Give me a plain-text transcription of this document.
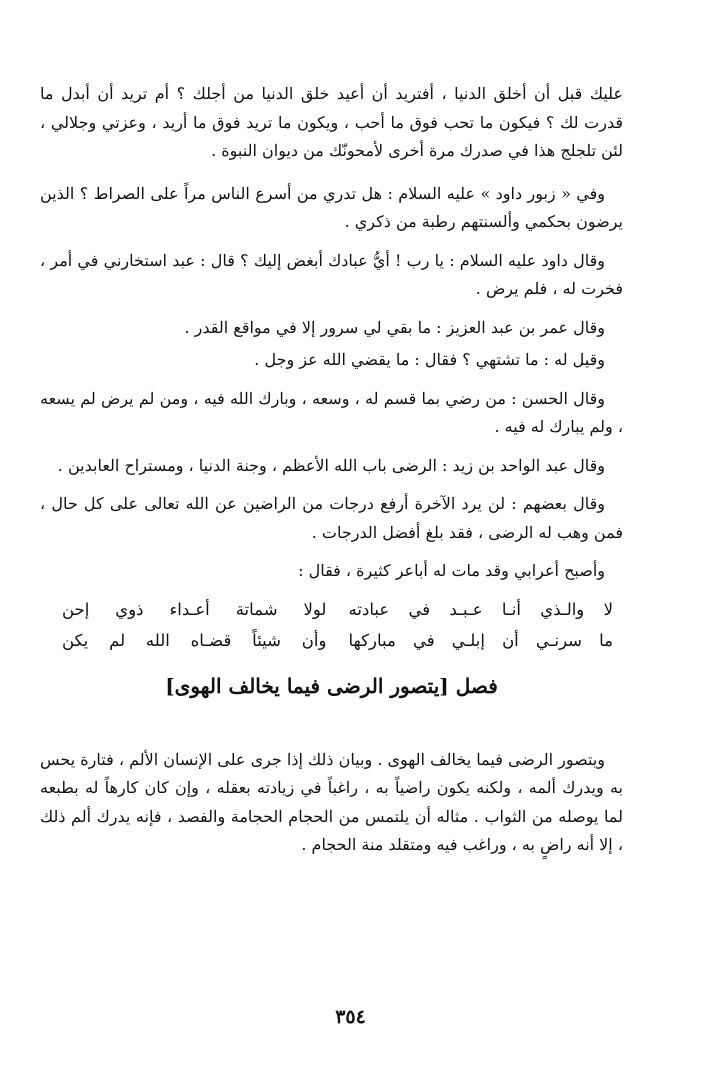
عليك قبل أن أخلق الدنيا ، أفتريد أن أعيد خلق الدنيا من أجلك ؟ أم تريد أن أبدل ما قدرت لك ؟ فيكون ما تحب فوق ما أحب ، ويكون ما تريد فوق ما أريد ، وعزتي وجلالي ، لئن تلجلج هذا في صدرك مرة أخرى لأمحونّك من ديوان النبوة .

وفي « زبور داود » عليه السلام : هل تدري من أسرع الناس مراً على الصراط ؟ الذين يرضون بحكمي وألسنتهم رطبة من ذكري .

وقال داود عليه السلام : يا رب ! أيُّ عبادك أبغض إليك ؟ قال : عبد استخارني في أمر ، فخرت له ، فلم يرض .

وقال عمر بن عبد العزيز : ما بقي لي سرور إلا في مواقع القدر .

وقيل له : ما تشتهي ؟ فقال : ما يقضي الله عز وجل .

وقال الحسن : من رضي بما قسم له ، وسعه ، وبارك الله فيه ، ومن لم يرض لم يسعه ، ولم يبارك له فيه .

وقال عبد الواحد بن زيد : الرضى باب الله الأعظم ، وجنة الدنيا ، ومستراح العابدين .

وقال بعضهم : لن يرد الآخرة أرفع درجات من الراضين عن الله تعالى على كل حال ، فمن وهب له الرضى ، فقد بلغ أفضل الدرجات .

وأصبح أعرابي وقد مات له أباعر كثيرة ، فقال :

لا والـذي أنـا عـبـد في عبادته
لولا شماتة أعـداء ذوي إحن
ما سرنـي أن إبلـي في مباركها
وأن شيئاً قضـاه الله لم يكن
فصل [يتصور الرضى فيما يخالف الهوى]

ويتصور الرضى فيما يخالف الهوى . وبيان ذلك إذا جرى على الإنسان الألم ، فتارة يحس به ويدرك ألمه ، ولكنه يكون راضياً به ، راغباً في زيادته بعقله ، وإن كان كارهاً له بطبعه لما يوصله من الثواب . مثاله أن يلتمس من الحجام الحجامة والفصد ، فإنه يدرك ألم ذلك ، إلا أنه راضٍ به ، وراغب فيه ومتقلد منة الحجام .

٣٥٤
